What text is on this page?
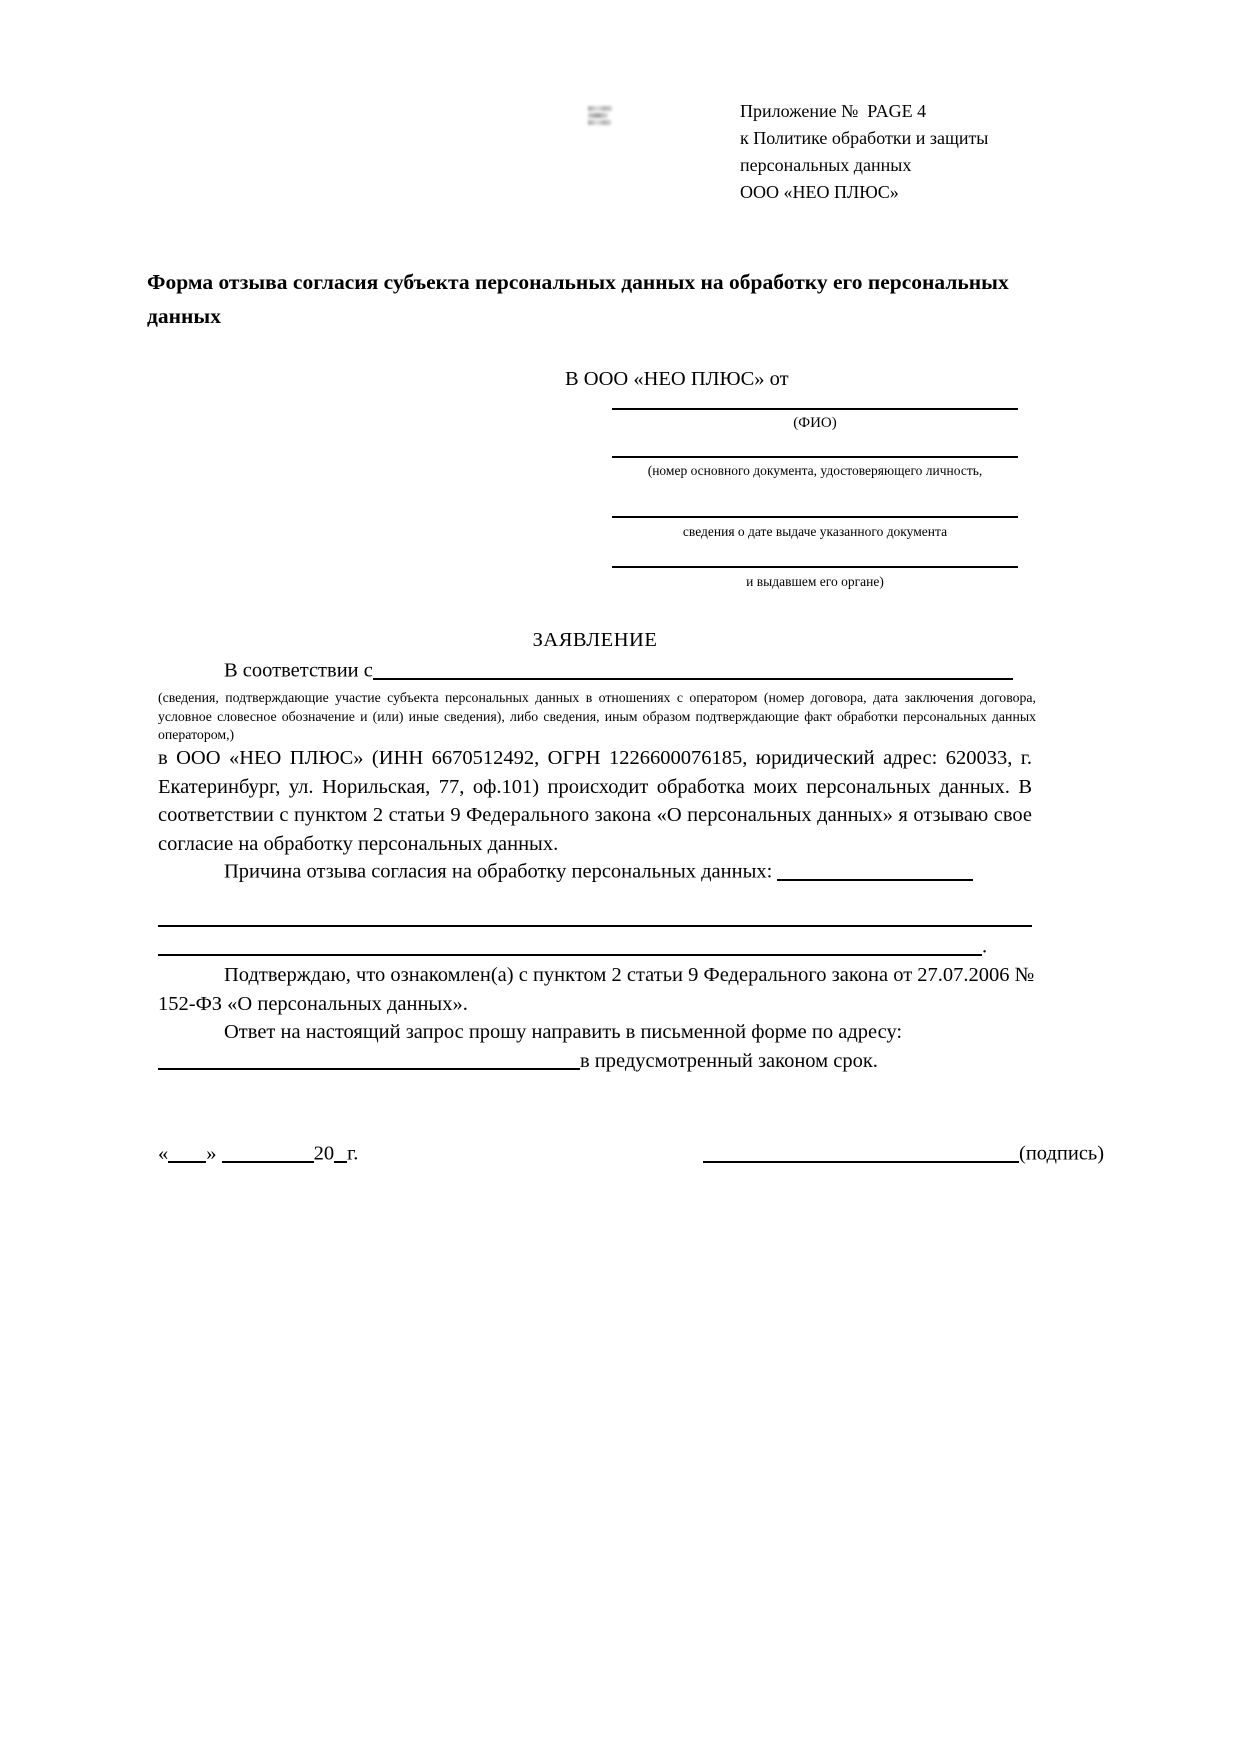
Приложение №  PAGE 4
к Политике обработки и защиты
персональных данных
ООО «НЕО ПЛЮС»
Форма отзыва согласия субъекта персональных данных на обработку его персональных данных
В ООО «НЕО ПЛЮС» от
(ФИО)
(номер основного документа, удостоверяющего личность,
сведения о дате выдаче указанного документа
и выдавшем его органе)
ЗАЯВЛЕНИЕ

В соответствии с

(сведения, подтверждающие участие субъекта персональных данных в отношениях с оператором (номер договора, дата заключения договора, условное словесное обозначение и (или) иные сведения), либо сведения, иным образом подтверждающие факт обработки персональных данных оператором,)
в ООО «НЕО ПЛЮС» (ИНН 6670512492, ОГРН 1226600076185, юридический адрес: 620033, г. Екатеринбург, ул. Норильская, 77, оф.101) происходит обработка моих персональных данных. В соответствии с пунктом 2 статьи 9 Федерального закона «О персональных данных» я отзываю свое согласие на обработку персональных данных.

Причина отзыва согласия на обработку персональных данных:

.
Подтверждаю, что ознакомлен(а) с пунктом 2 статьи 9 Федерального закона от 27.07.2006 № 152-ФЗ «О персональных данных».
Ответ на настоящий запрос прошу направить в письменной форме по адресу:
в предусмотренный законом срок.
« »	20 г.	(подпись)
